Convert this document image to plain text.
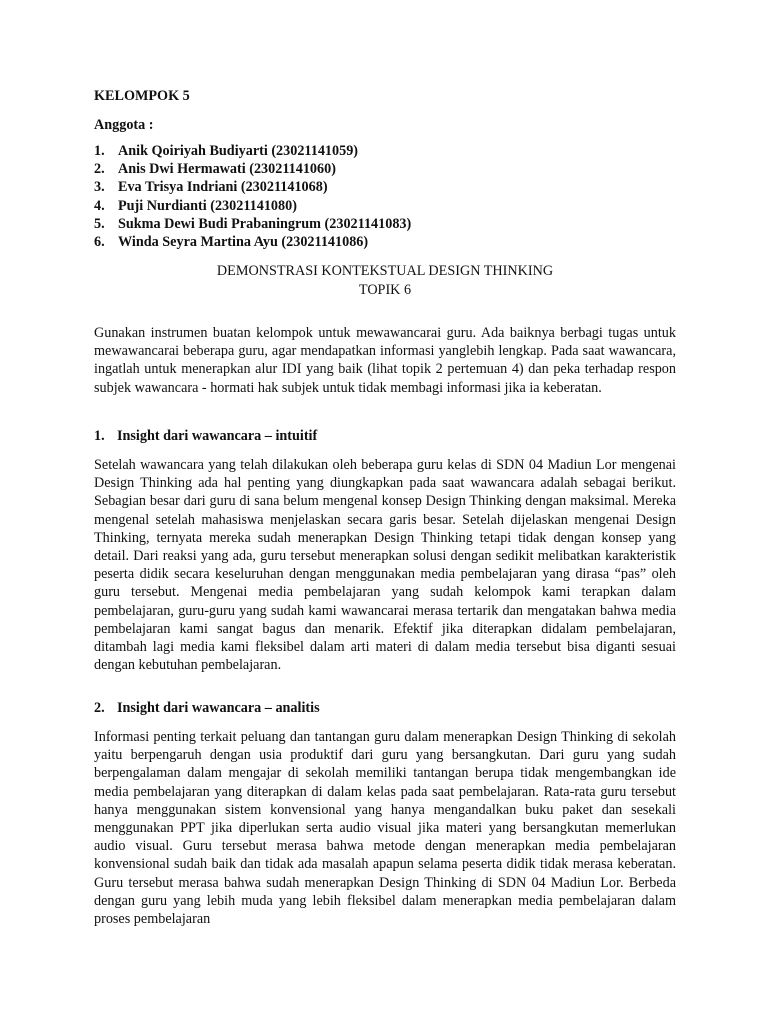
KELOMPOK 5

Anggota :

1. Anik Qoiriyah Budiyarti (23021141059)
2. Anis Dwi Hermawati (23021141060)
3. Eva Trisya Indriani (23021141068)
4. Puji Nurdianti (23021141080)
5. Sukma Dewi Budi Prabaningrum (23021141083)
6. Winda Seyra Martina Ayu (23021141086)
DEMONSTRASI KONTEKSTUAL DESIGN THINKING
TOPIK 6

Gunakan instrumen buatan kelompok untuk mewawancarai guru. Ada baiknya berbagi tugas untuk mewawancarai beberapa guru, agar mendapatkan informasi yanglebih lengkap. Pada saat wawancara, ingatlah untuk menerapkan alur IDI yang baik (lihat topik 2 pertemuan 4) dan peka terhadap respon subjek wawancara - hormati hak subjek untuk tidak membagi informasi jika ia keberatan.

1. Insight dari wawancara – intuitif

Setelah wawancara yang telah dilakukan oleh beberapa guru kelas di SDN 04 Madiun Lor mengenai Design Thinking ada hal penting yang diungkapkan pada saat wawancara adalah sebagai berikut. Sebagian besar dari guru di sana belum mengenal konsep Design Thinking dengan maksimal. Mereka mengenal setelah mahasiswa menjelaskan secara garis besar. Setelah dijelaskan mengenai Design Thinking, ternyata mereka sudah menerapkan Design Thinking tetapi tidak dengan konsep yang detail. Dari reaksi yang ada, guru tersebut menerapkan solusi dengan sedikit melibatkan karakteristik peserta didik secara keseluruhan dengan menggunakan media pembelajaran yang dirasa “pas” oleh guru tersebut. Mengenai media pembelajaran yang sudah kelompok kami terapkan dalam pembelajaran, guru-guru yang sudah kami wawancarai merasa tertarik dan mengatakan bahwa media pembelajaran kami sangat bagus dan menarik. Efektif jika diterapkan didalam pembelajaran, ditambah lagi media kami fleksibel dalam arti materi di dalam media tersebut bisa diganti sesuai dengan kebutuhan pembelajaran.

2. Insight dari wawancara – analitis

Informasi penting terkait peluang dan tantangan guru dalam menerapkan Design Thinking di sekolah yaitu berpengaruh dengan usia produktif dari guru yang bersangkutan. Dari guru yang sudah berpengalaman dalam mengajar di sekolah memiliki tantangan berupa tidak mengembangkan ide media pembelajaran yang diterapkan di dalam kelas pada saat pembelajaran. Rata-rata guru tersebut hanya menggunakan sistem konvensional yang hanya mengandalkan buku paket dan sesekali menggunakan PPT jika diperlukan serta audio visual jika materi yang bersangkutan memerlukan audio visual. Guru tersebut merasa bahwa metode dengan menerapkan media pembelajaran konvensional sudah baik dan tidak ada masalah apapun selama peserta didik tidak merasa keberatan. Guru tersebut merasa bahwa sudah menerapkan Design Thinking di SDN 04 Madiun Lor. Berbeda dengan guru yang lebih muda yang lebih fleksibel dalam menerapkan media pembelajaran dalam proses pembelajaran
